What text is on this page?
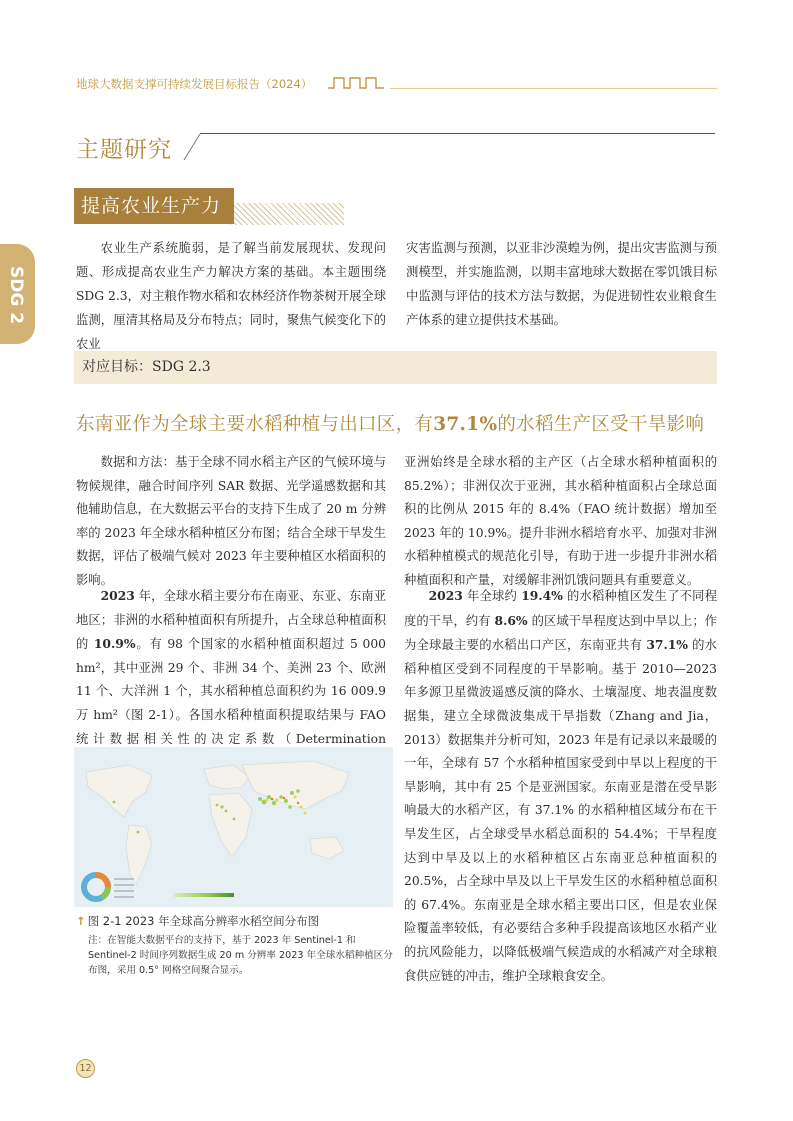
地球大数据支撑可持续发展目标报告（2024）
主题研究
SDG 2
提高农业生产力
农业生产系统脆弱，是了解当前发展现状、发现问题、形成提高农业生产力解决方案的基础。本主题围绕 SDG 2.3，对主粮作物水稻和农林经济作物茶树开展全球监测，厘清其格局及分布特点；同时，聚焦气候变化下的农业
灾害监测与预测，以亚非沙漠蝗为例，提出灾害监测与预测模型，并实施监测，以期丰富地球大数据在零饥饿目标中监测与评估的技术方法与数据，为促进韧性农业粮食生产体系的建立提供技术基础。
对应目标：SDG 2.3
东南亚作为全球主要水稻种植与出口区，有37.1%的水稻生产区受干旱影响
数据和方法：基于全球不同水稻主产区的气候环境与物候规律，融合时间序列 SAR 数据、光学遥感数据和其他辅助信息，在大数据云平台的支持下生成了 20 m 分辨率的 2023 年全球水稻种植区分布图；结合全球干旱发生数据，评估了极端气候对 2023 年主要种植区水稻面积的影响。
2023 年，全球水稻主要分布在南亚、东亚、东南亚地区；非洲的水稻种植面积有所提升，占全球总种植面积的 10.9%。有 98 个国家的水稻种植面积超过 5 000 hm²，其中亚洲 29 个、非洲 34 个、美洲 23 个、欧洲 11 个、大洋洲 1 个，其水稻种植总面积约为 16 009.9 万 hm²（图 2-1）。各国水稻种植面积提取结果与 FAO 统计数据相关性的决定系数（Determination
↑ 图 2-1 2023 年全球高分辨率水稻空间分布图
注：在智能大数据平台的支持下，基于 2023 年 Sentinel-1 和 Sentinel-2 时间序列数据生成 20 m 分辨率 2023 年全球水稻种植区分布图，采用 0.5° 网格空间聚合显示。
亚洲始终是全球水稻的主产区（占全球水稻种植面积的 85.2%）；非洲仅次于亚洲，其水稻种植面积占全球总面积的比例从 2015 年的 8.4%（FAO 统计数据）增加至 2023 年的 10.9%。提升非洲水稻培育水平、加强对非洲水稻种植模式的规范化引导，有助于进一步提升非洲水稻种植面积和产量，对缓解非洲饥饿问题具有重要意义。
2023 年全球约 19.4% 的水稻种植区发生了不同程度的干旱，约有 8.6% 的区域干旱程度达到中旱以上；作为全球最主要的水稻出口产区，东南亚共有 37.1% 的水稻种植区受到不同程度的干旱影响。基于 2010—2023 年多源卫星微波遥感反演的降水、土壤湿度、地表温度数据集，建立全球微波集成干旱指数（Zhang and Jia，2013）数据集并分析可知，2023 年是有记录以来最暖的一年，全球有 57 个水稻种植国家受到中旱以上程度的干旱影响，其中有 25 个是亚洲国家。东南亚是潜在受旱影响最大的水稻产区，有 37.1% 的水稻种植区域分布在干旱发生区，占全球受旱水稻总面积的 54.4%；干旱程度达到中旱及以上的水稻种植区占东南亚总种植面积的 20.5%，占全球中旱及以上干旱发生区的水稻种植总面积的 67.4%。东南亚是全球水稻主要出口区，但是农业保险覆盖率较低，有必要结合多种手段提高该地区水稻产业的抗风险能力，以降低极端气候造成的水稻减产对全球粮食供应链的冲击，维护全球粮食安全。
12
